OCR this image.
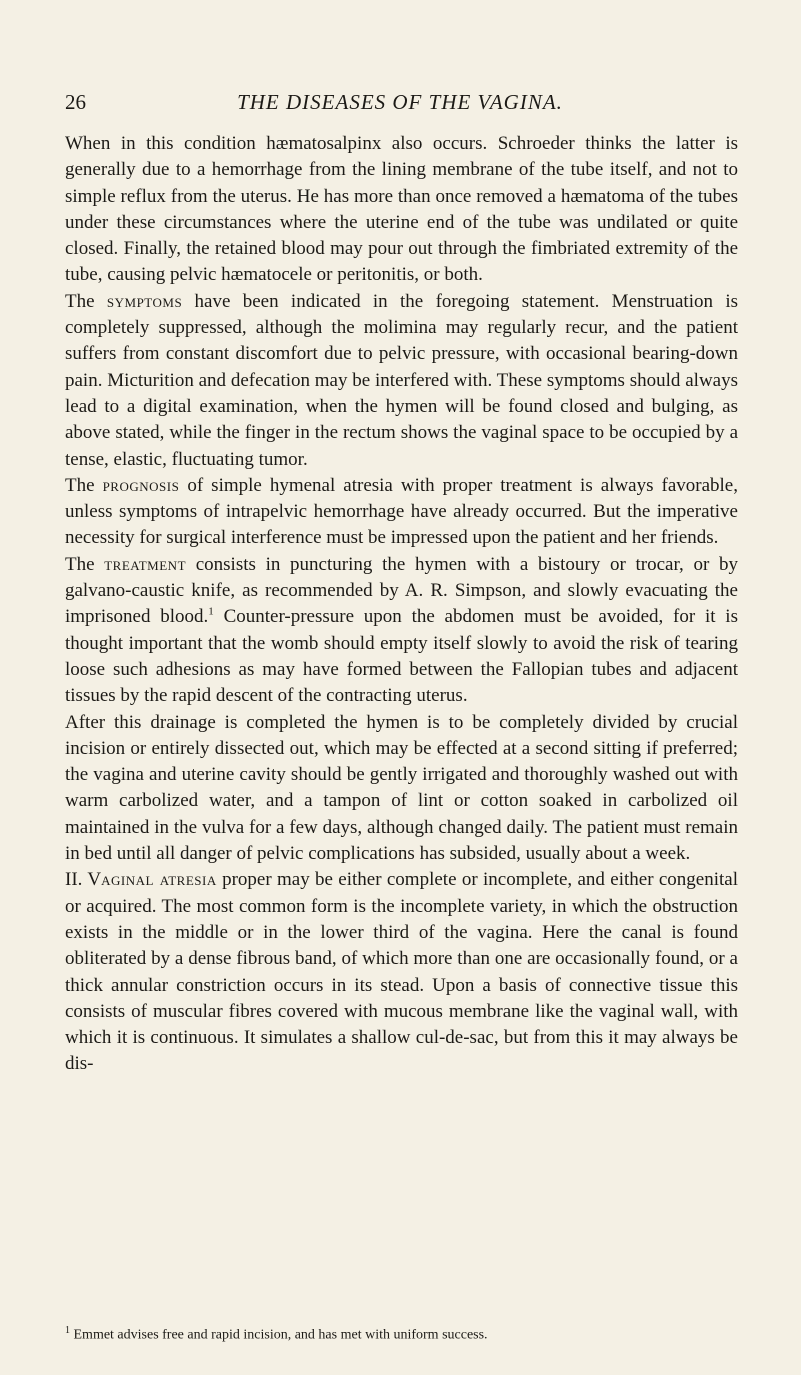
26	THE DISEASES OF THE VAGINA.

When in this condition hæmatosalpinx also occurs. Schroeder thinks the latter is generally due to a hemorrhage from the lining membrane of the tube itself, and not to simple reflux from the uterus. He has more than once removed a hæmatoma of the tubes under these circumstances where the uterine end of the tube was undilated or quite closed. Finally, the retained blood may pour out through the fimbriated extremity of the tube, causing pelvic hæmatocele or peritonitis, or both.

The symptoms have been indicated in the foregoing statement. Menstruation is completely suppressed, although the molimina may regularly recur, and the patient suffers from constant discomfort due to pelvic pressure, with occasional bearing-down pain. Micturition and defecation may be interfered with. These symptoms should always lead to a digital examination, when the hymen will be found closed and bulging, as above stated, while the finger in the rectum shows the vaginal space to be occupied by a tense, elastic, fluctuating tumor.

The prognosis of simple hymenal atresia with proper treatment is always favorable, unless symptoms of intrapelvic hemorrhage have already occurred. But the imperative necessity for surgical interference must be impressed upon the patient and her friends.

The treatment consists in puncturing the hymen with a bistoury or trocar, or by galvano-caustic knife, as recommended by A. R. Simpson, and slowly evacuating the imprisoned blood.$^1$ Counter-pressure upon the abdomen must be avoided, for it is thought important that the womb should empty itself slowly to avoid the risk of tearing loose such adhesions as may have formed between the Fallopian tubes and adjacent tissues by the rapid descent of the contracting uterus.

After this drainage is completed the hymen is to be completely divided by crucial incision or entirely dissected out, which may be effected at a second sitting if preferred; the vagina and uterine cavity should be gently irrigated and thoroughly washed out with warm carbolized water, and a tampon of lint or cotton soaked in carbolized oil maintained in the vulva for a few days, although changed daily. The patient must remain in bed until all danger of pelvic complications has subsided, usually about a week.

II. Vaginal atresia proper may be either complete or incomplete, and either congenital or acquired. The most common form is the incomplete variety, in which the obstruction exists in the middle or in the lower third of the vagina. Here the canal is found obliterated by a dense fibrous band, of which more than one are occasionally found, or a thick annular constriction occurs in its stead. Upon a basis of connective tissue this consists of muscular fibres covered with mucous membrane like the vaginal wall, with which it is continuous. It simulates a shallow cul-de-sac, but from this it may always be dis-

$^1$ Emmet advises free and rapid incision, and has met with uniform success.
